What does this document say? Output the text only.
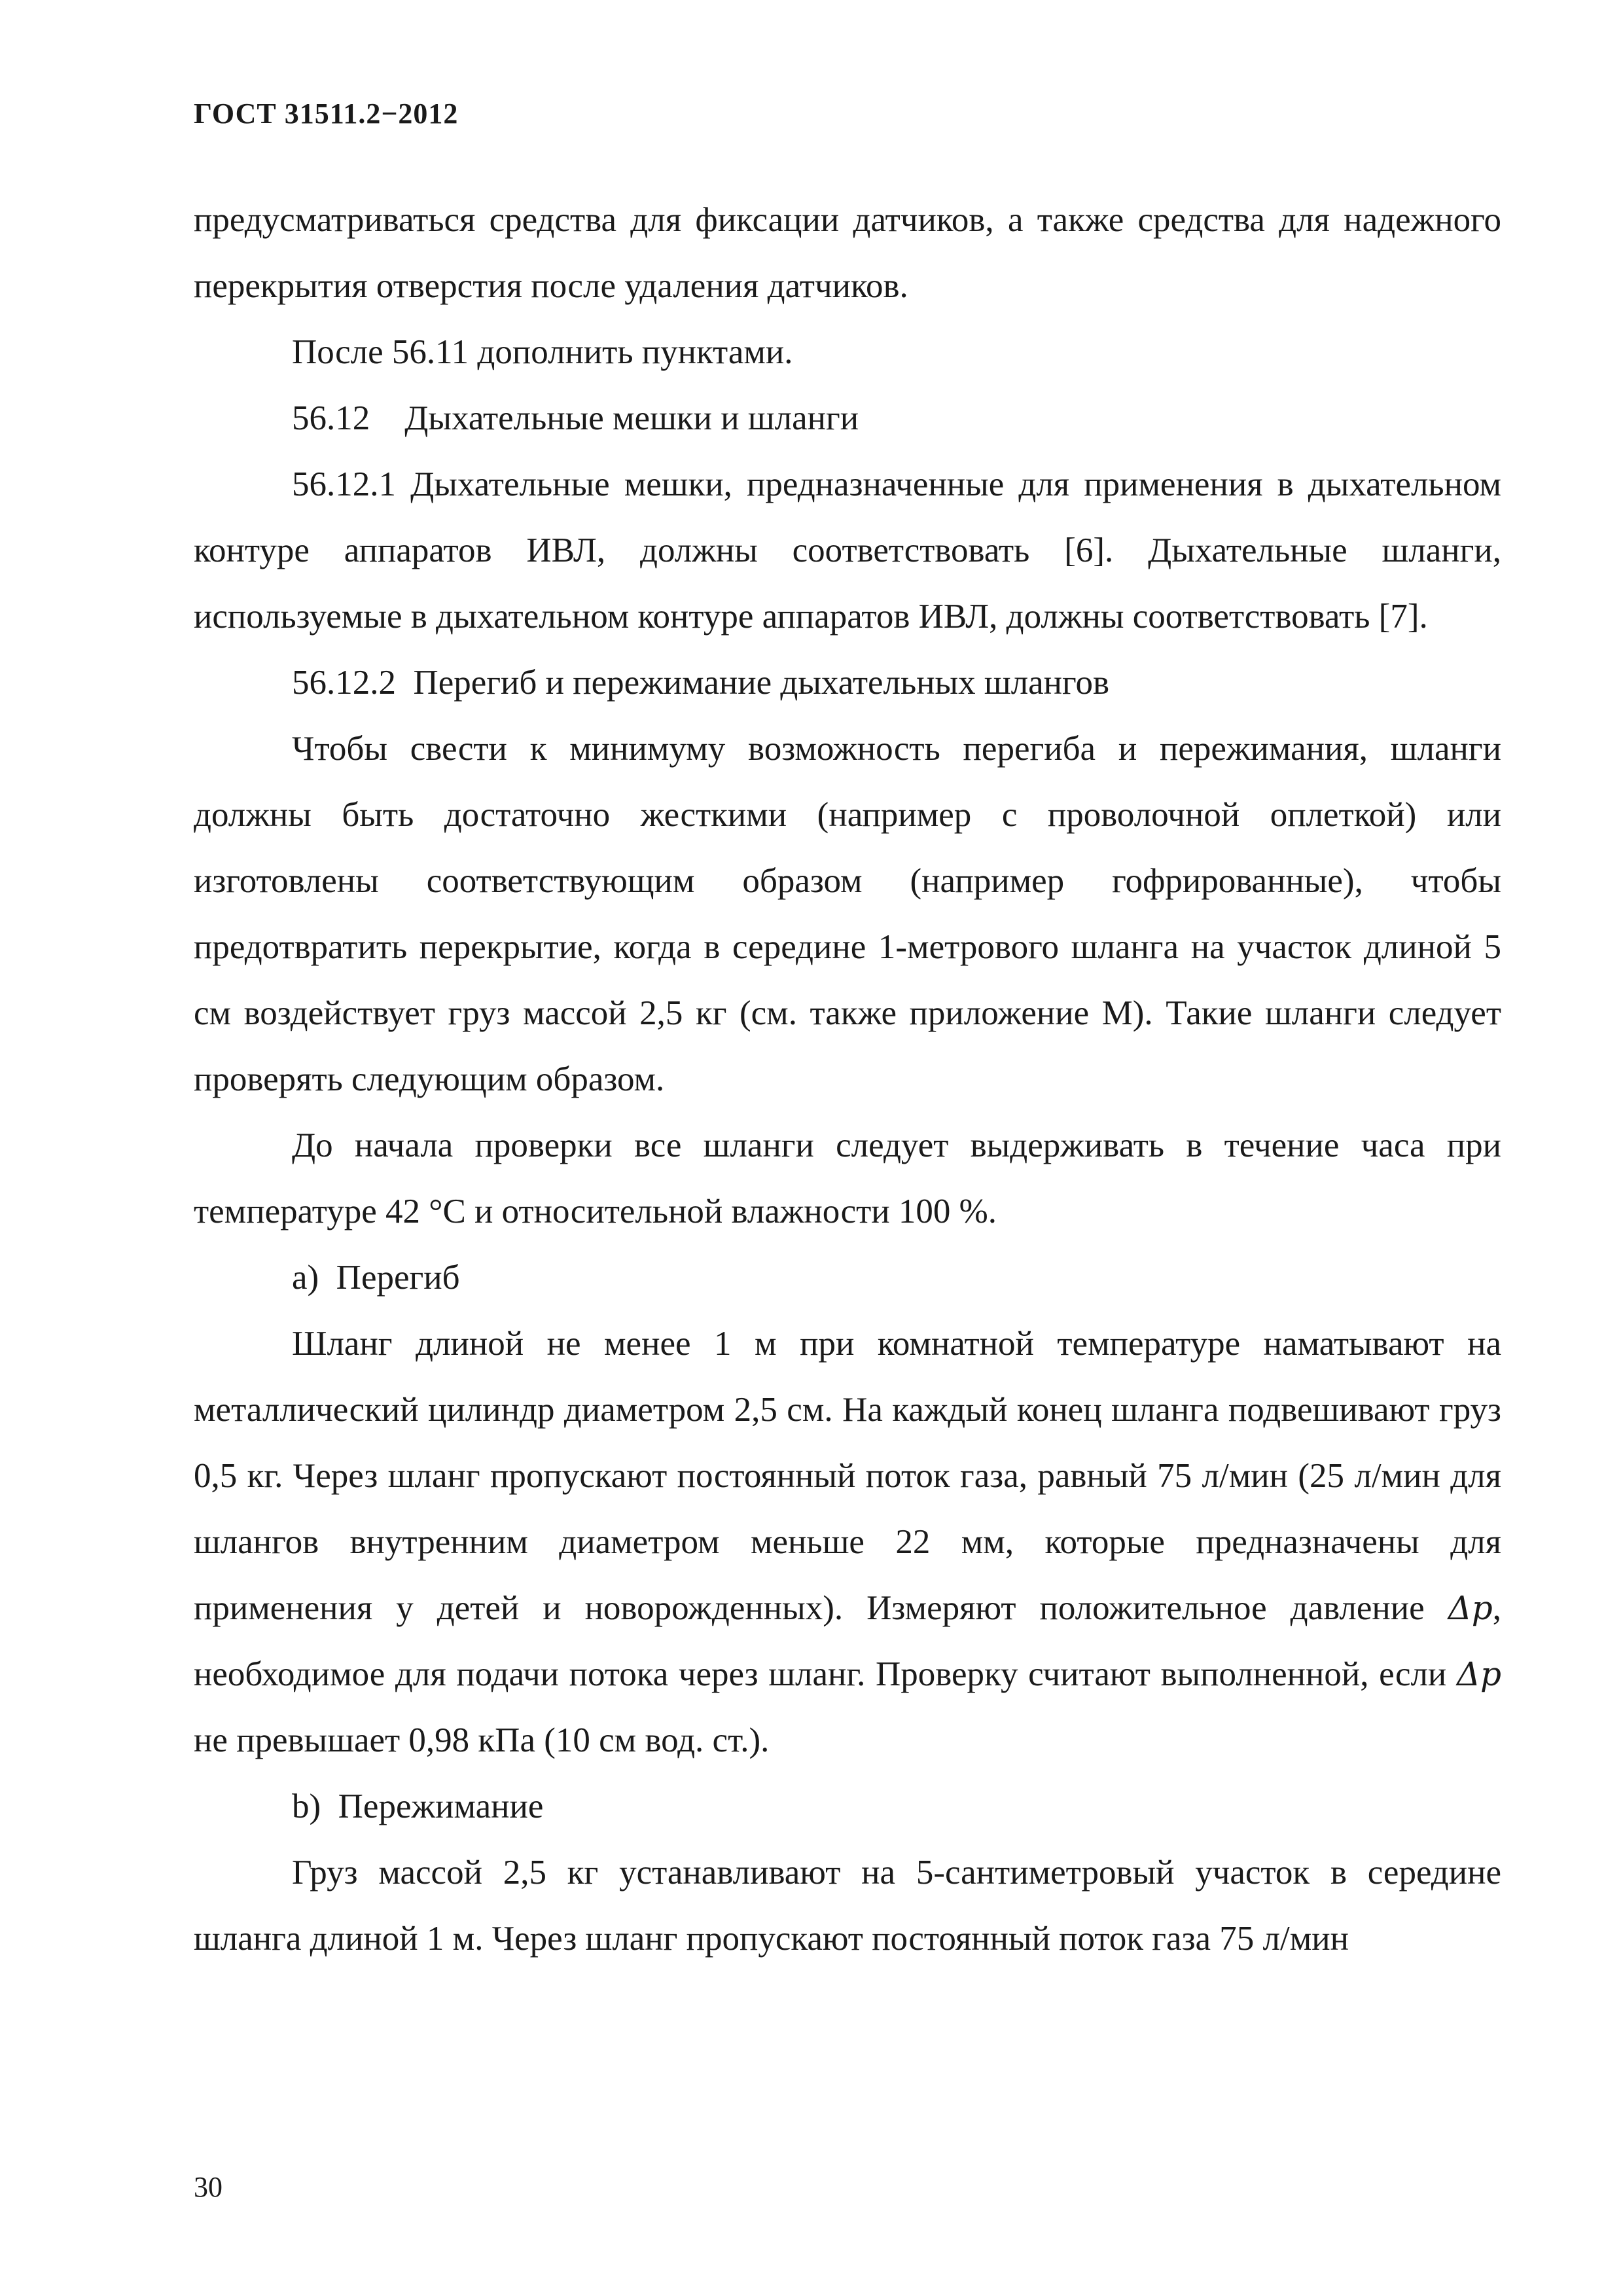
ГОСТ 31511.2−2012

предусматриваться средства для фиксации датчиков, а также средства для надежного перекрытия отверстия после удаления датчиков.

После 56.11 дополнить пунктами.

56.12    Дыхательные мешки и шланги

56.12.1 Дыхательные мешки, предназначенные для применения в дыхательном контуре аппаратов ИВЛ, должны соответствовать [6]. Дыхательные шланги, используемые в дыхательном контуре аппаратов ИВЛ, должны соответствовать [7].

56.12.2  Перегиб и пережимание дыхательных шлангов

Чтобы свести к минимуму возможность перегиба и пережимания, шланги должны быть достаточно жесткими (например с проволочной оплеткой) или изготовлены соответствующим образом (например гофрированные), чтобы предотвратить перекрытие, когда в середине 1-метрового шланга на участок длиной 5 см воздействует груз массой 2,5 кг (см. также приложение М). Такие шланги следует проверять следующим образом.

До начала проверки все шланги следует выдерживать в течение часа при температуре 42 °С и относительной влажности 100 %.

a)  Перегиб

Шланг длиной не менее 1 м при комнатной температуре наматывают на металлический цилиндр диаметром 2,5 см. На каждый конец шланга подвешивают груз 0,5 кг. Через шланг пропускают постоянный поток газа, равный 75 л/мин (25 л/мин для шлангов внутренним диаметром меньше 22 мм, которые предназначены для применения у детей и новорожденных). Измеряют положительное давление Δp, необходимое для подачи потока через шланг. Проверку считают выполненной, если Δp не превышает 0,98 кПа (10 см вод. ст.).

b)  Пережимание

Груз массой 2,5 кг устанавливают на 5-сантиметровый участок в середине шланга длиной 1 м. Через шланг пропускают постоянный поток газа 75 л/мин

30
